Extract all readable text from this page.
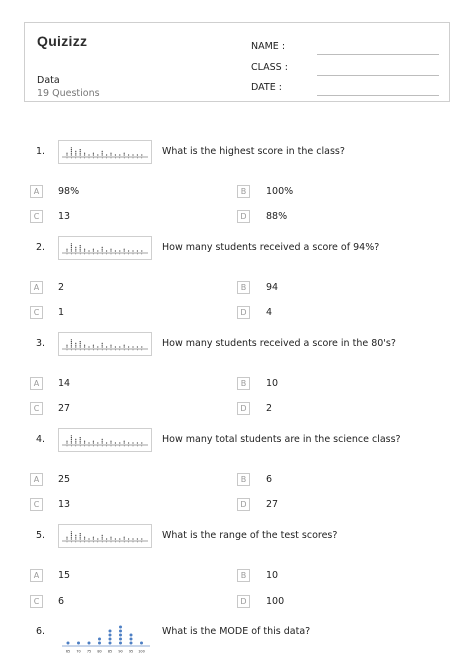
Quizizz
Data
19 Questions
NAME :
CLASS :
DATE :
1.	What is the highest score in the class?
A	98%	B	100%
C	13	D	88%
2.	How many students received a score of 94%?
A	2	B	94
C	1	D	4
3.	How many students received a score in the 80's?
A	14	B	10
C	27	D	2
4.	How many total students are in the science class?
A	25	B	6
C	13	D	27
5.	What is the range of the test scores?
A	15	B	10
C	6	D	100
6.
65 70 75 80 85 90 95 100
What is the MODE of this data?
